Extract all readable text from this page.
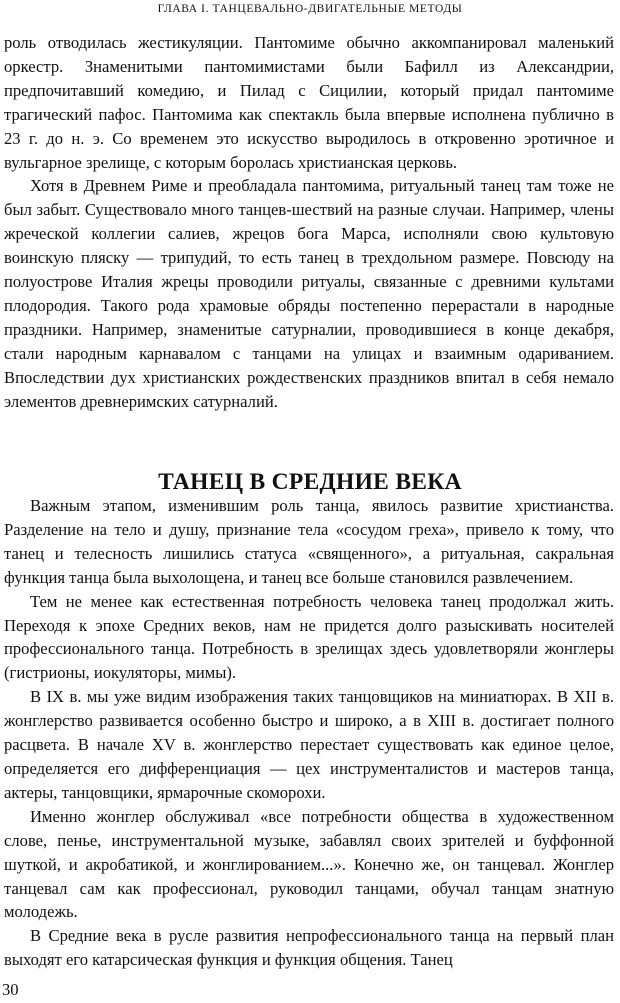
ГЛАВА I. ТАНЦЕВАЛЬНО-ДВИГАТЕЛЬНЫЕ МЕТОДЫ

роль отводилась жестикуляции. Пантомиме обычно аккомпанировал маленький оркестр. Знаменитыми пантомимистами были Бафилл из Александрии, предпочитавший комедию, и Пилад с Сицилии, который придал пантомиме трагический пафос. Пантомима как спектакль была впервые исполнена публично в 23 г. до н. э. Со временем это искусство выродилось в откровенно эротичное и вульгарное зрелище, с которым боролась христианская церковь.

Хотя в Древнем Риме и преобладала пантомима, ритуальный танец там тоже не был забыт. Существовало много танцев-шествий на разные случаи. Например, члены жреческой коллегии салиев, жрецов бога Марса, исполняли свою культовую воинскую пляску — трипудий, то есть танец в трехдольном размере. Повсюду на полуострове Италия жрецы проводили ритуалы, связанные с древними культами плодородия. Такого рода храмовые обряды постепенно перерастали в народные праздники. Например, знаменитые сатурналии, проводившиеся в конце декабря, стали народным карнавалом с танцами на улицах и взаимным одариванием. Впоследствии дух христианских рождественских праздников впитал в себя немало элементов древнеримских сатурналий.

ТАНЕЦ В СРЕДНИЕ ВЕКА

Важным этапом, изменившим роль танца, явилось развитие христианства. Разделение на тело и душу, признание тела «сосудом греха», привело к тому, что танец и телесность лишились статуса «священного», а ритуальная, сакральная функция танца была выхолощена, и танец все больше становился развлечением.

Тем не менее как естественная потребность человека танец продолжал жить. Переходя к эпохе Средних веков, нам не придется долго разыскивать носителей профессионального танца. Потребность в зрелищах здесь удовлетворяли жонглеры (гистрионы, иокуляторы, мимы).

В IX в. мы уже видим изображения таких танцовщиков на миниатюрах. В XII в. жонглерство развивается особенно быстро и широко, а в XIII в. достигает полного расцвета. В начале XV в. жонглерство перестает существовать как единое целое, определяется его дифференциация — цех инструменталистов и мастеров танца, актеры, танцовщики, ярмарочные скоморохи.

Именно жонглер обслуживал «все потребности общества в художественном слове, пенье, инструментальной музыке, забавлял своих зрителей и буффонной шуткой, и акробатикой, и жонглированием...». Конечно же, он танцевал. Жонглер танцевал сам как профессионал, руководил танцами, обучал танцам знатную молодежь.

В Средние века в русле развития непрофессионального танца на первый план выходят его катарсическая функция и функция общения. Танец

30
